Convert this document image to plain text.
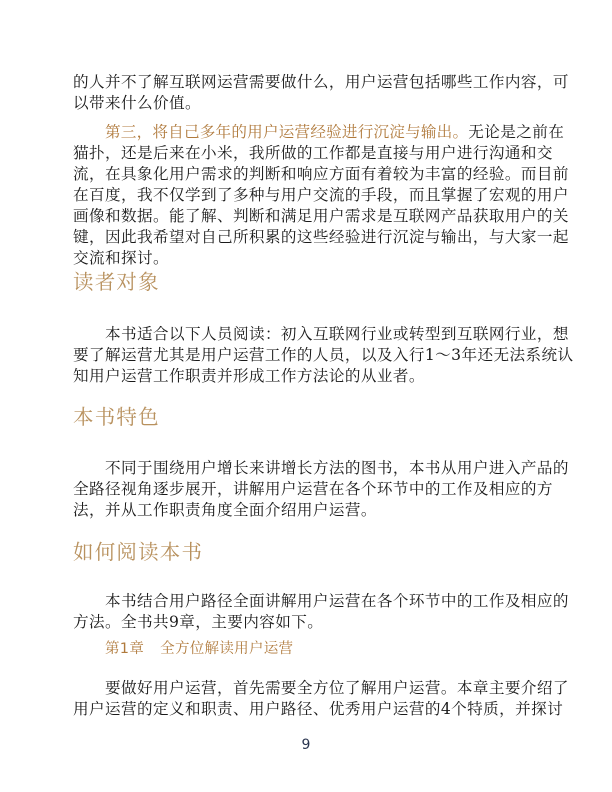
的人并不了解互联网运营需要做什么，用户运营包括哪些工作内容，可
以带来什么价值。
第三，将自己多年的用户运营经验进行沉淀与输出。无论是之前在
猫扑，还是后来在小米，我所做的工作都是直接与用户进行沟通和交
流，在具象化用户需求的判断和响应方面有着较为丰富的经验。而目前
在百度，我不仅学到了多种与用户交流的手段，而且掌握了宏观的用户
画像和数据。能了解、判断和满足用户需求是互联网产品获取用户的关
键，因此我希望对自己所积累的这些经验进行沉淀与输出，与大家一起
交流和探讨。
读者对象
本书适合以下人员阅读：初入互联网行业或转型到互联网行业，想
要了解运营尤其是用户运营工作的人员，以及入行1～3年还无法系统认
知用户运营工作职责并形成工作方法论的从业者。
本书特色
不同于围绕用户增长来讲增长方法的图书，本书从用户进入产品的
全路径视角逐步展开，讲解用户运营在各个环节中的工作及相应的方
法，并从工作职责角度全面介绍用户运营。
如何阅读本书
本书结合用户路径全面讲解用户运营在各个环节中的工作及相应的
方法。全书共9章，主要内容如下。
第1章 全方位解读用户运营
要做好用户运营，首先需要全方位了解用户运营。本章主要介绍了
用户运营的定义和职责、用户路径、优秀用户运营的4个特质，并探讨
9
